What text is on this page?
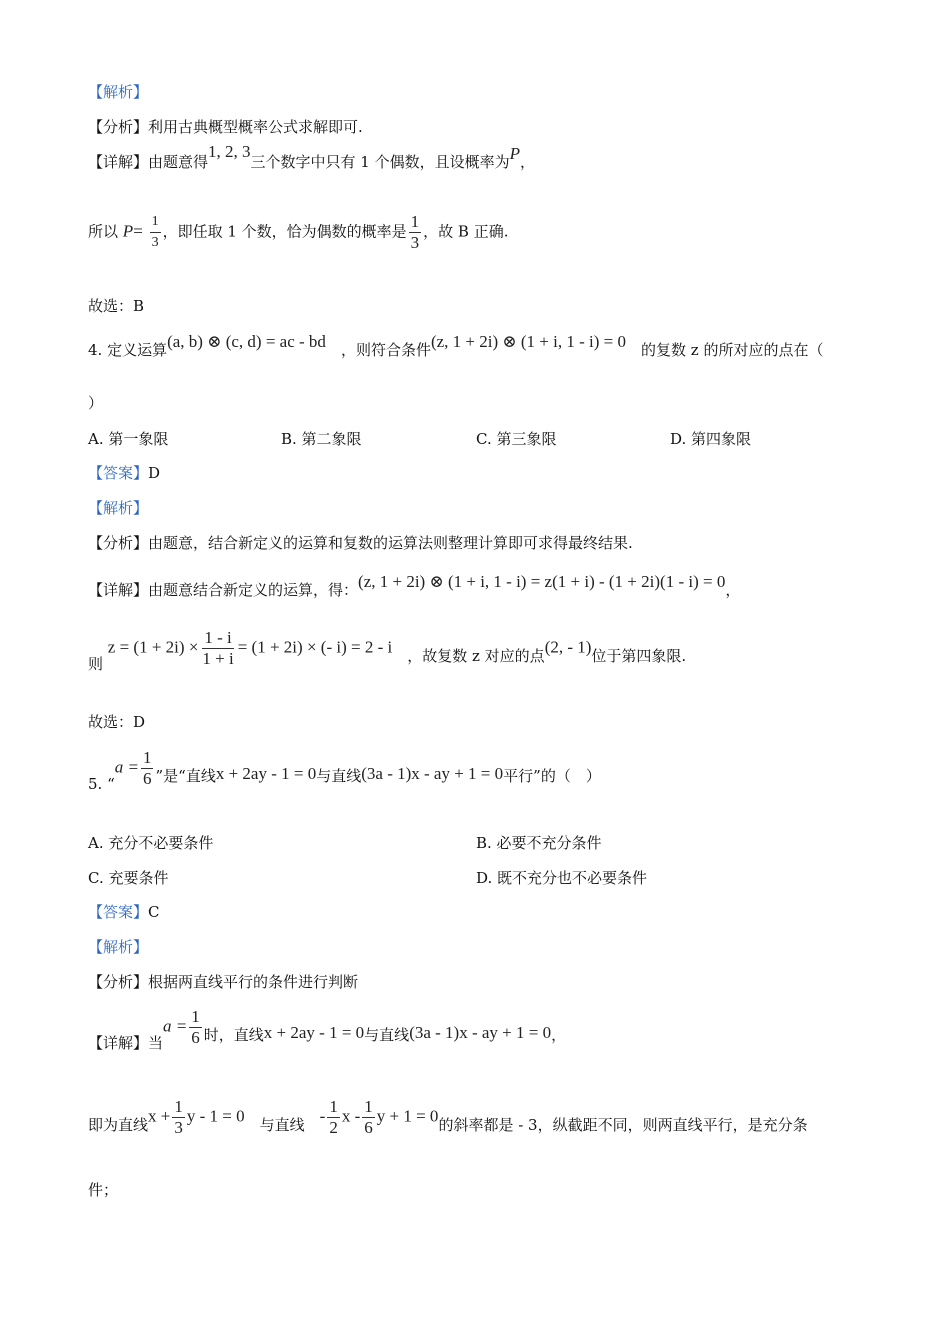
【解析】
【分析】利用古典概型概率公式求解即可.
【详解】由题意得1, 2, 3三个数字中只有 1 个偶数，且设概率为P，
所以 $P= \frac{1}{3}$ ，即任取 1 个数，恰为偶数的概率是 $\frac{1}{3}$ ，故 B 正确.
故选：B
4. 定义运算(a, b) ⊗ (c, d) = ac - bd　 ，则符合条件(z, 1 + 2i) ⊗ (1 + i, 1 - i) = 0　 的复数 z 的所对应的点在（
）
A. 第一象限	B. 第二象限	C. 第三象限	D. 第四象限
【答案】D
【解析】
【分析】由题意，结合新定义的运算和复数的运算法则整理计算即可求得最终结果.
【详解】由题意结合新定义的运算，得：(z, 1 + 2i) ⊗ (1 + i, 1 - i) = z(1 + i) - (1 + 2i)(1 - i) = 0，
则 $z = (1 + 2i) \times \frac{1 - i}{1 + i} = (1 + 2i)$ × (- i) = 2 - i　 ，故复数 z 对应的点(2, - 1)位于第四象限.
故选：D
5. “$a = \frac{1}{6}$ ”是“直线x + 2ay - 1 = 0与直线(3a - 1)x - ay + 1 = 0平行”的（　）
A. 充分不必要条件	B. 必要不充分条件
C. 充要条件	D. 既不充分也不必要条件
【答案】C
【解析】
【分析】根据两直线平行的条件进行判断
【详解】当$a = \frac{1}{6}$ 时，直线x + 2ay - 1 = 0与直线(3a - 1)x - ay + 1 = 0，
即为直线$x + \frac{1}{3}$ y - 1 = 0　 与直线　 - $\frac{1}{2}$ x - $\frac{1}{6}$ y + 1 = 0的斜率都是 - 3，纵截距不同，则两直线平行，是充分条
件；
